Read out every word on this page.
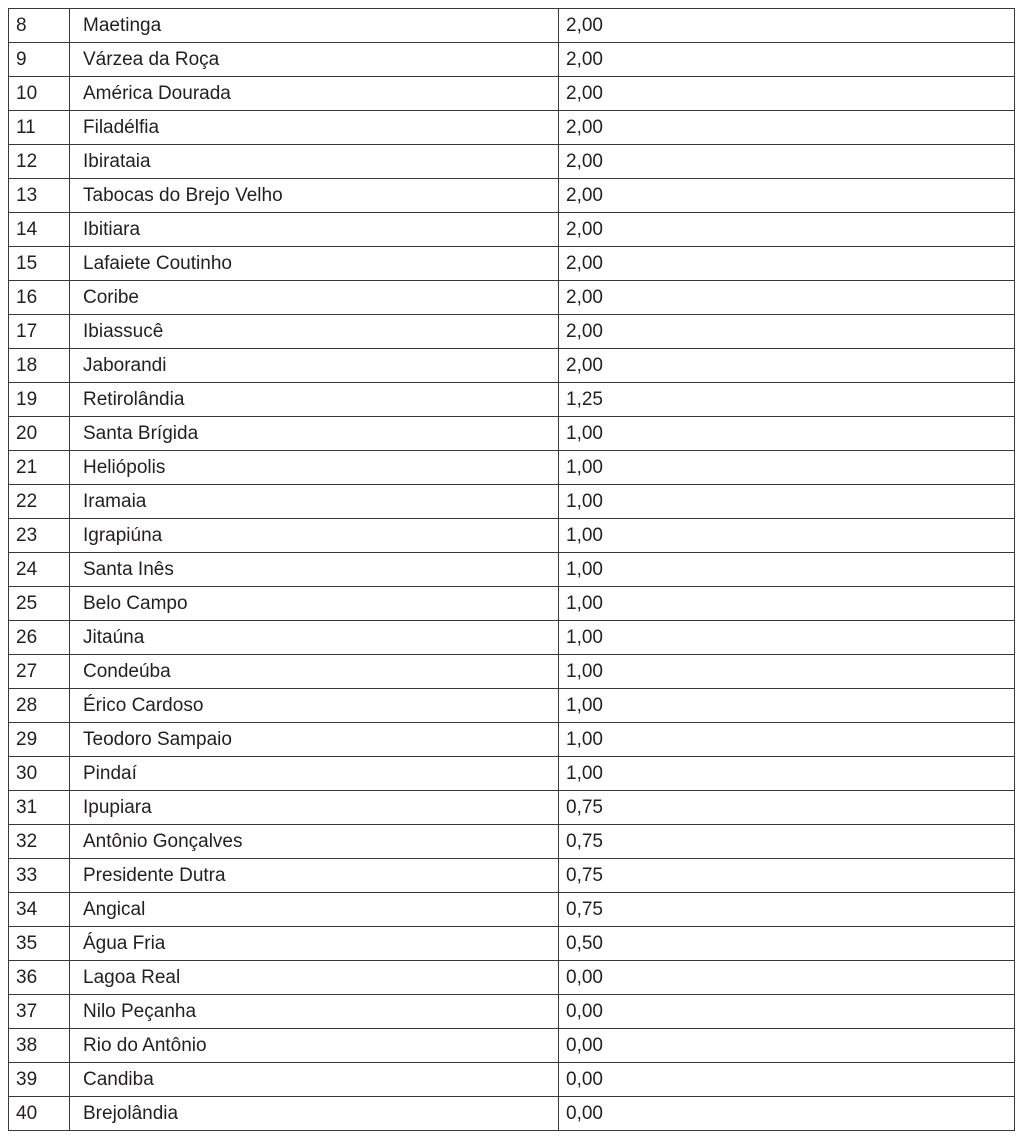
8	Maetinga	2,00
9	Várzea da Roça	2,00
10	América Dourada	2,00
11	Filadélfia	2,00
12	Ibirataia	2,00
13	Tabocas do Brejo Velho	2,00
14	Ibitiara	2,00
15	Lafaiete Coutinho	2,00
16	Coribe	2,00
17	Ibiassucê	2,00
18	Jaborandi	2,00
19	Retirolândia	1,25
20	Santa Brígida	1,00
21	Heliópolis	1,00
22	Iramaia	1,00
23	Igrapiúna	1,00
24	Santa Inês	1,00
25	Belo Campo	1,00
26	Jitaúna	1,00
27	Condeúba	1,00
28	Érico Cardoso	1,00
29	Teodoro Sampaio	1,00
30	Pindaí	1,00
31	Ipupiara	0,75
32	Antônio Gonçalves	0,75
33	Presidente Dutra	0,75
34	Angical	0,75
35	Água Fria	0,50
36	Lagoa Real	0,00
37	Nilo Peçanha	0,00
38	Rio do Antônio	0,00
39	Candiba	0,00
40	Brejolândia	0,00
